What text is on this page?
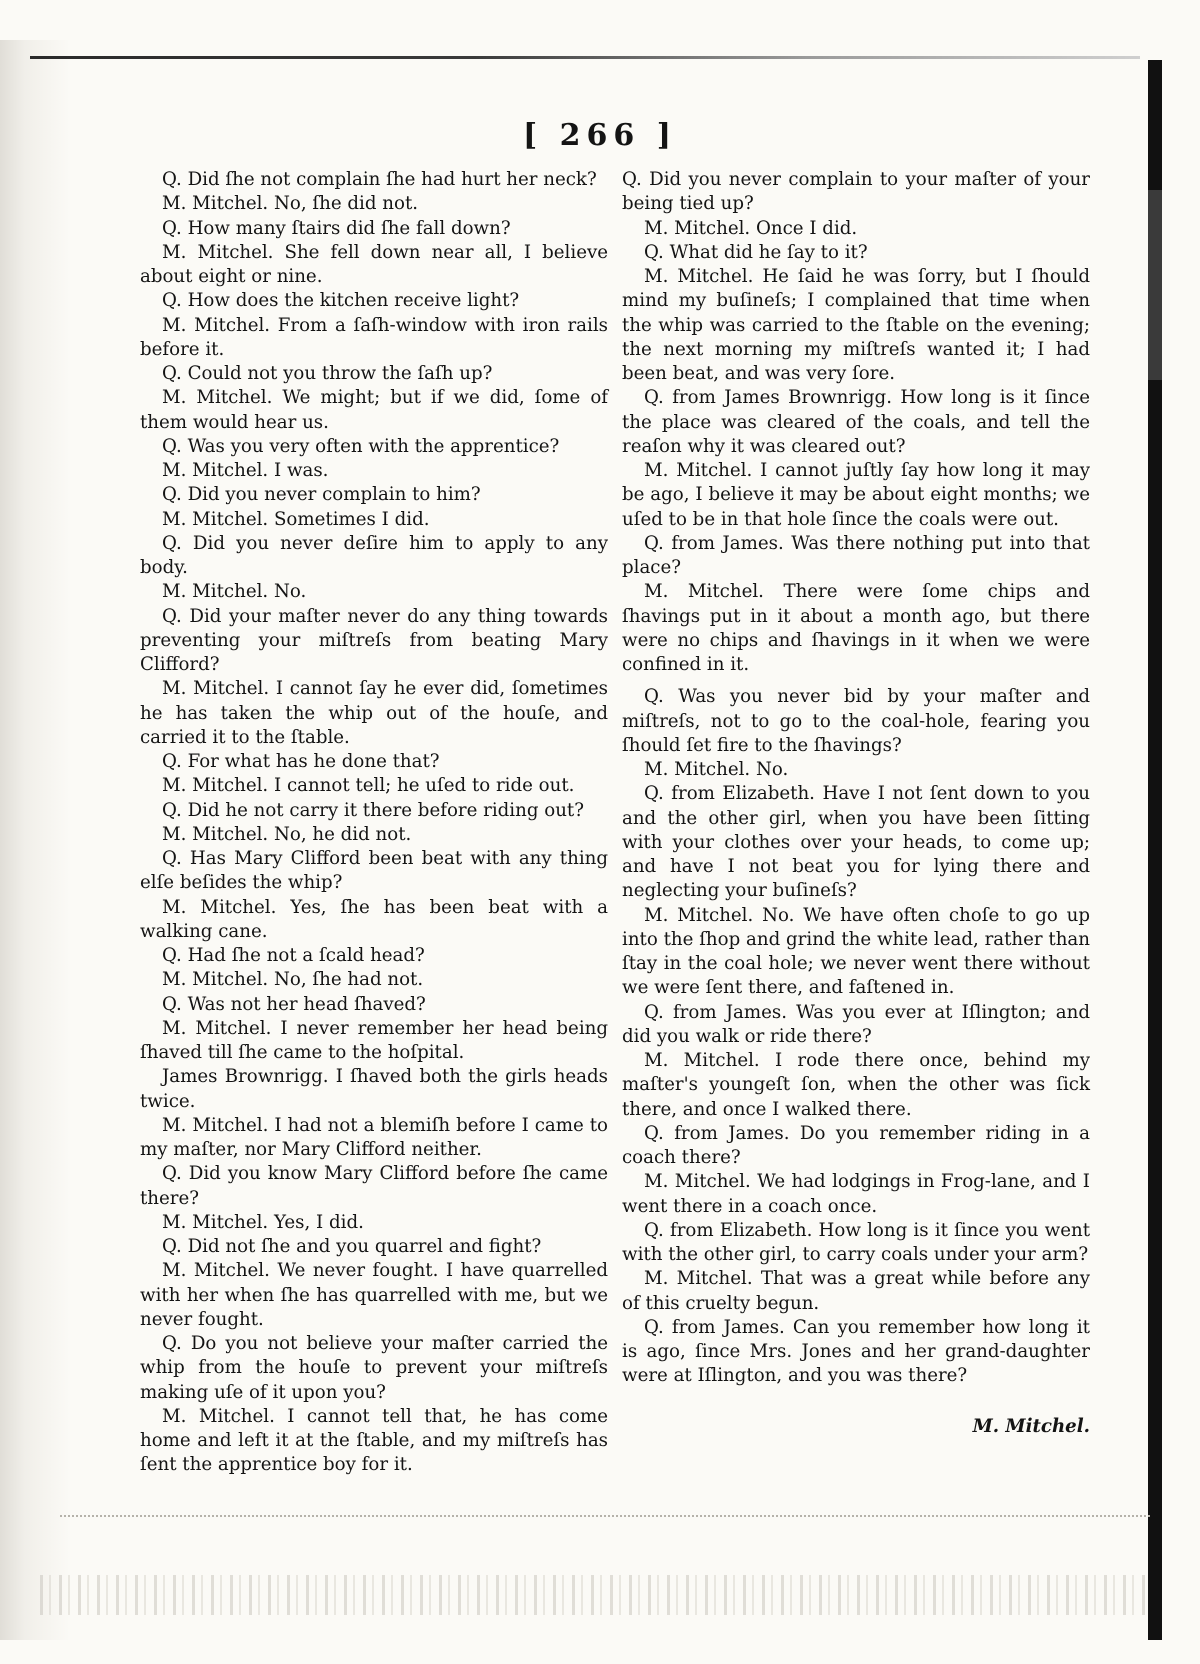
[ 266 ]

Q. Did ſhe not complain ſhe had hurt her neck?

M. Mitchel. No, ſhe did not.

Q. How many ſtairs did ſhe fall down?

M. Mitchel. She fell down near all, I believe about eight or nine.

Q. How does the kitchen receive light?

M. Mitchel. From a ſaſh-window with iron rails before it.

Q. Could not you throw the ſaſh up?

M. Mitchel. We might; but if we did, ſome of them would hear us.

Q. Was you very often with the apprentice?

M. Mitchel. I was.

Q. Did you never complain to him?

M. Mitchel. Sometimes I did.

Q. Did you never deſire him to apply to any body.

M. Mitchel. No.

Q. Did your maſter never do any thing towards preventing your miſtreſs from beating Mary Clifford?

M. Mitchel. I cannot ſay he ever did, ſometimes he has taken the whip out of the houſe, and carried it to the ſtable.

Q. For what has he done that?

M. Mitchel. I cannot tell; he uſed to ride out.

Q. Did he not carry it there before riding out?

M. Mitchel. No, he did not.

Q. Has Mary Clifford been beat with any thing elſe beſides the whip?

M. Mitchel. Yes, ſhe has been beat with a walking cane.

Q. Had ſhe not a ſcald head?

M. Mitchel. No, ſhe had not.

Q. Was not her head ſhaved?

M. Mitchel. I never remember her head being ſhaved till ſhe came to the hoſpital.

James Brownrigg. I ſhaved both the girls heads twice.

M. Mitchel. I had not a blemiſh before I came to my maſter, nor Mary Clifford neither.

Q. Did you know Mary Clifford before ſhe came there?

M. Mitchel. Yes, I did.

Q. Did not ſhe and you quarrel and fight?

M. Mitchel. We never fought. I have quarrelled with her when ſhe has quarrelled with me, but we never fought.

Q. Do you not believe your maſter carried the whip from the houſe to prevent your miſtreſs making uſe of it upon you?

M. Mitchel. I cannot tell that, he has come home and left it at the ſtable, and my miſtreſs has ſent the apprentice boy for it.

Q. Did you never complain to your maſter of your being tied up?

M. Mitchel. Once I did.

Q. What did he ſay to it?

M. Mitchel. He ſaid he was ſorry, but I ſhould mind my buſineſs; I complained that time when the whip was carried to the ſtable on the evening; the next morning my miſtreſs wanted it; I had been beat, and was very ſore.

Q. from James Brownrigg. How long is it ſince the place was cleared of the coals, and tell the reaſon why it was cleared out?

M. Mitchel. I cannot juſtly ſay how long it may be ago, I believe it may be about eight months; we uſed to be in that hole ſince the coals were out.

Q. from James. Was there nothing put into that place?

M. Mitchel. There were ſome chips and ſhavings put in it about a month ago, but there were no chips and ſhavings in it when we were confined in it.

Q. Was you never bid by your maſter and miſtreſs, not to go to the coal-hole, fearing you ſhould ſet fire to the ſhavings?

M. Mitchel. No.

Q. from Elizabeth. Have I not ſent down to you and the other girl, when you have been ſitting with your clothes over your heads, to come up; and have I not beat you for lying there and neglecting your buſineſs?

M. Mitchel. No. We have often choſe to go up into the ſhop and grind the white lead, rather than ſtay in the coal hole; we never went there without we were ſent there, and faſtened in.

Q. from James. Was you ever at Iſlington; and did you walk or ride there?

M. Mitchel. I rode there once, behind my maſter's youngeſt ſon, when the other was ſick there, and once I walked there.

Q. from James. Do you remember riding in a coach there?

M. Mitchel. We had lodgings in Frog-lane, and I went there in a coach once.

Q. from Elizabeth. How long is it ſince you went with the other girl, to carry coals under your arm?

M. Mitchel. That was a great while before any of this cruelty begun.

Q. from James. Can you remember how long it is ago, ſince Mrs. Jones and her grand-daughter were at Iſlington, and you was there?

M. Mitchel.
